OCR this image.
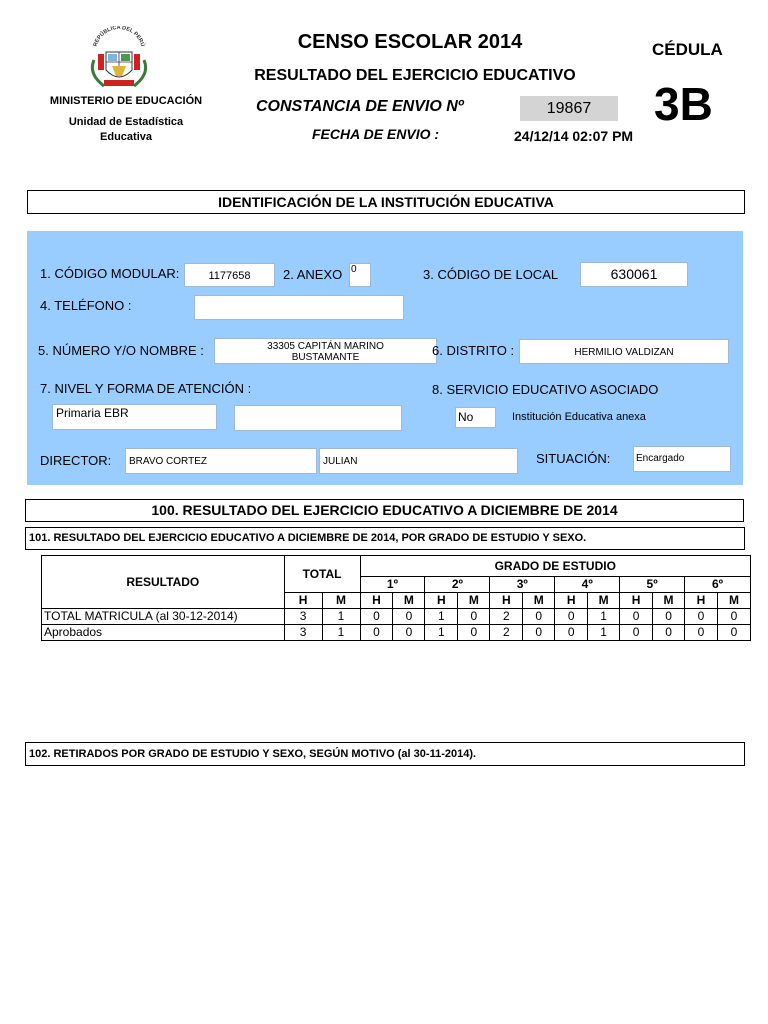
REPÚBLICA DEL PERÚ
MINISTERIO DE EDUCACIÓN
Unidad de Estadística
Educativa
CENSO ESCOLAR 2014
RESULTADO DEL EJERCICIO EDUCATIVO
CONSTANCIA DE ENVIO Nº	19867
FECHA DE ENVIO :	24/12/14 02:07 PM
CÉDULA
3B
IDENTIFICACIÓN DE LA INSTITUCIÓN EDUCATIVA
1. CÓDIGO MODULAR:	1177658	2. ANEXO 0	3. CÓDIGO DE LOCAL	630061
4. TELÉFONO :
5. NÚMERO Y/O NOMBRE :	33305 CAPITÁN MARINO BUSTAMANTE	6. DISTRITO :	HERMILIO VALDIZAN
7. NIVEL Y FORMA DE ATENCIÓN :
Primaria EBR
8. SERVICIO EDUCATIVO ASOCIADO
No	Institución Educativa anexa
DIRECTOR:	BRAVO CORTEZ	JULIAN	SITUACIÓN:	Encargado
100. RESULTADO DEL EJERCICIO EDUCATIVO A DICIEMBRE DE 2014
101. RESULTADO DEL EJERCICIO EDUCATIVO A DICIEMBRE DE 2014, POR GRADO DE ESTUDIO Y SEXO.
RESULTADO	TOTAL		GRADO DE ESTUDIO											
			1º		2º		3º		4º		5º		6º	
	H	M	H	M	H	M	H	M	H	M	H	M	H	M
TOTAL MATRICULA (al 30-12-2014)	3	1	0	0	1	0	2	0	0	1	0	0	0	0
Aprobados	3	1	0	0	1	0	2	0	0	1	0	0	0	0
102. RETIRADOS POR GRADO DE ESTUDIO Y SEXO, SEGÚN MOTIVO (al 30-11-2014).
